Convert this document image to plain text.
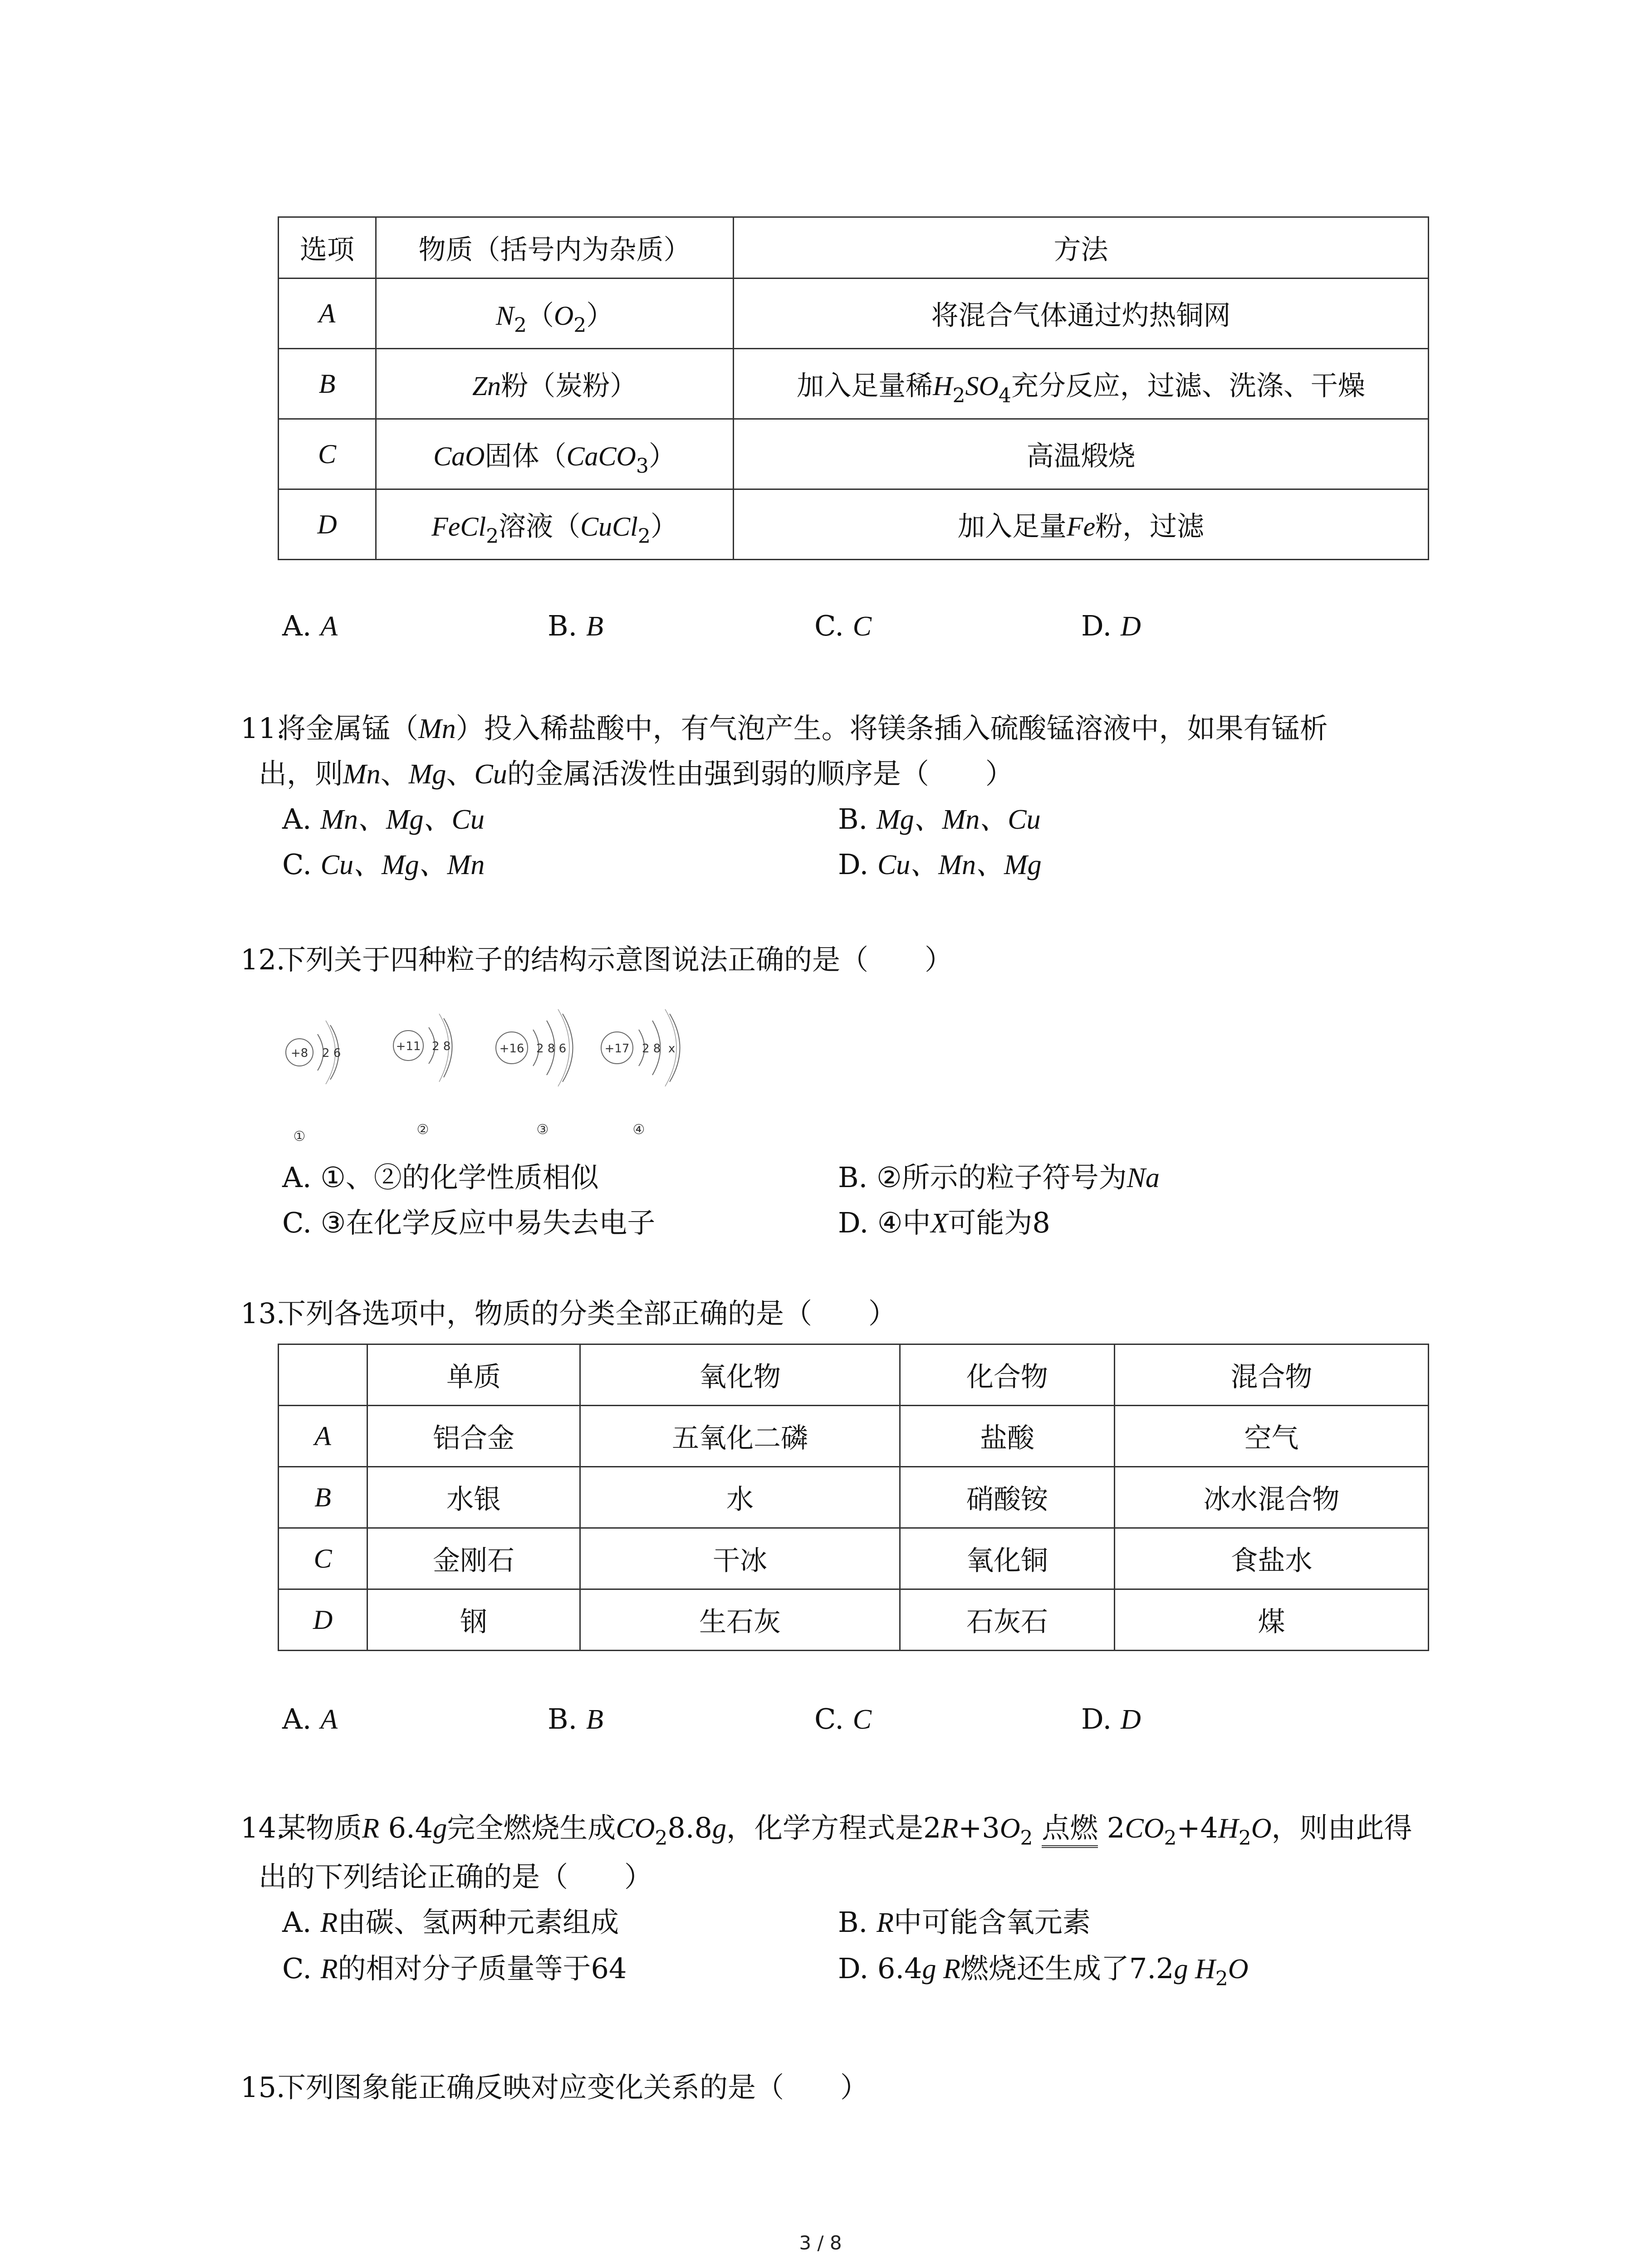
选项	物质（括号内为杂质）	方法
A	$N_2(O_2)$	将混合气体通过灼热铜网
B	Zn粉（炭粉）	加入足量稀$H_2SO_4$充分反应，过滤、洗涤、干燥
C	CaO固体（CaCO$_3$）	高温煅烧
D	FeCl$_2$溶液（CuCl$_2$）	加入足量Fe粉，过滤
A. A	B. B	C. C	D. D
11.
将金属锰（Mn）投入稀盐酸中，有气泡产生。将镁条插入硫酸锰溶液中，如果有锰析
出，则Mn、Mg、Cu的金属活泼性由强到弱的顺序是（　　）
A. Mn、Mg、Cu	B. Mg、Mn、Cu
C. Cu、Mg、Mn	D. Cu、Mn、Mg
12.
下列关于四种粒子的结构示意图说法正确的是（　　）
+8 2 6
①
+11 2 8
②
+16 2 8 6
③
+17 2 8  x
④
A. ①、②的化学性质相似	B. ②所示的粒子符号为Na
C. ③在化学反应中易失去电子	D. ④中X可能为8
13.
下列各选项中，物质的分类全部正确的是（　　）
	单质	氧化物	化合物	混合物
A	铝合金	五氧化二磷	盐酸	空气
B	水银	水	硝酸铵	冰水混合物
C	金刚石	干冰	氧化铜	食盐水
D	钢	生石灰	石灰石	煤
A. A	B. B	C. C	D. D
14.
某物质R 6.4g完全燃烧生成$CO_28.8g$，化学方程式是$2R+3O_2$ 点燃 $2CO_2+4H_2O$，则由此得
出的下列结论正确的是（　　）
A. R由碳、氢两种元素组成	B. R中可能含氧元素
C. R的相对分子质量等于64	D. 6.4g R燃烧还生成了7.2g $H_2O$
15.
下列图象能正确反映对应变化关系的是（　　）
3 / 8
